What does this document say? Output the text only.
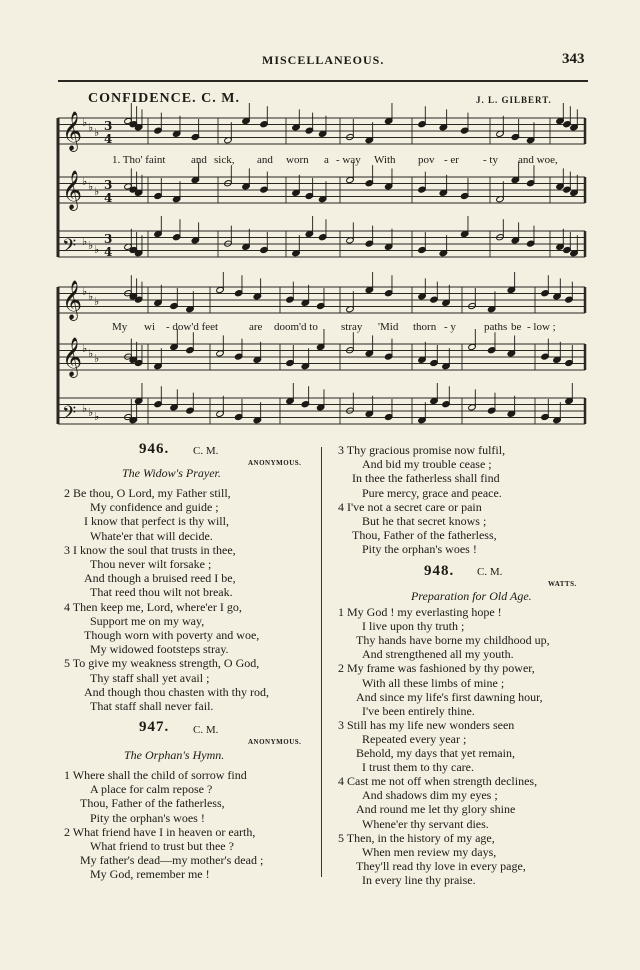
MISCELLANEOUS.	343
CONFIDENCE. C. M.	J. L. GILBERT.
𝄞 ♭ ♭ ♭ 3
4
𝄞 ♭ ♭ ♭ 3
4
𝄢 ♭ ♭ ♭
3
4
𝄞 ♭ ♭ ♭
𝄞 ♭ ♭ ♭
𝄢 ♭ ♭ ♭
1. Tho' faint and sick, and worn a - way With pov - er - ty and woe,
My wi - dow'd feet	are doom'd to stray 'Mid thorn - y	paths be - low ;
946. C. M.
ANONYMOUS.
The Widow's Prayer.
2 Be thou, O Lord, my Father still,
My confidence and guide ;
I know that perfect is thy will,
Whate'er that will decide.
3 I know the soul that trusts in thee,
Thou never wilt forsake ;
And though a bruised reed I be,
That reed thou wilt not break.
4 Then keep me, Lord, where'er I go,
Support me on my way,
Though worn with poverty and woe,
My widowed footsteps stray.
5 To give my weakness strength, O God,
Thy staff shall yet avail ;
And though thou chasten with thy rod,
That staff shall never fail.
947. C. M.
ANONYMOUS.
The Orphan's Hymn.
1 Where shall the child of sorrow find
A place for calm repose ?
Thou, Father of the fatherless,
Pity the orphan's woes !
2 What friend have I in heaven or earth,
What friend to trust but thee ?
My father's dead—my mother's dead ;
My God, remember me !
3 Thy gracious promise now fulfil,
And bid my trouble cease ;
In thee the fatherless shall find
Pure mercy, grace and peace.
4 I've not a secret care or pain
But he that secret knows ;
Thou, Father of the fatherless,
Pity the orphan's woes !
948. C. M.
WATTS.
Preparation for Old Age.
1 My God ! my everlasting hope !
I live upon thy truth ;
Thy hands have borne my childhood up,
And strengthened all my youth.
2 My frame was fashioned by thy power,
With all these limbs of mine ;
And since my life's first dawning hour,
I've been entirely thine.
3 Still has my life new wonders seen
Repeated every year ;
Behold, my days that yet remain,
I trust them to thy care.
4 Cast me not off when strength declines,
And shadows dim my eyes ;
And round me let thy glory shine
Whene'er thy servant dies.
5 Then, in the history of my age,
When men review my days,
They'll read thy love in every page,
In every line thy praise.
